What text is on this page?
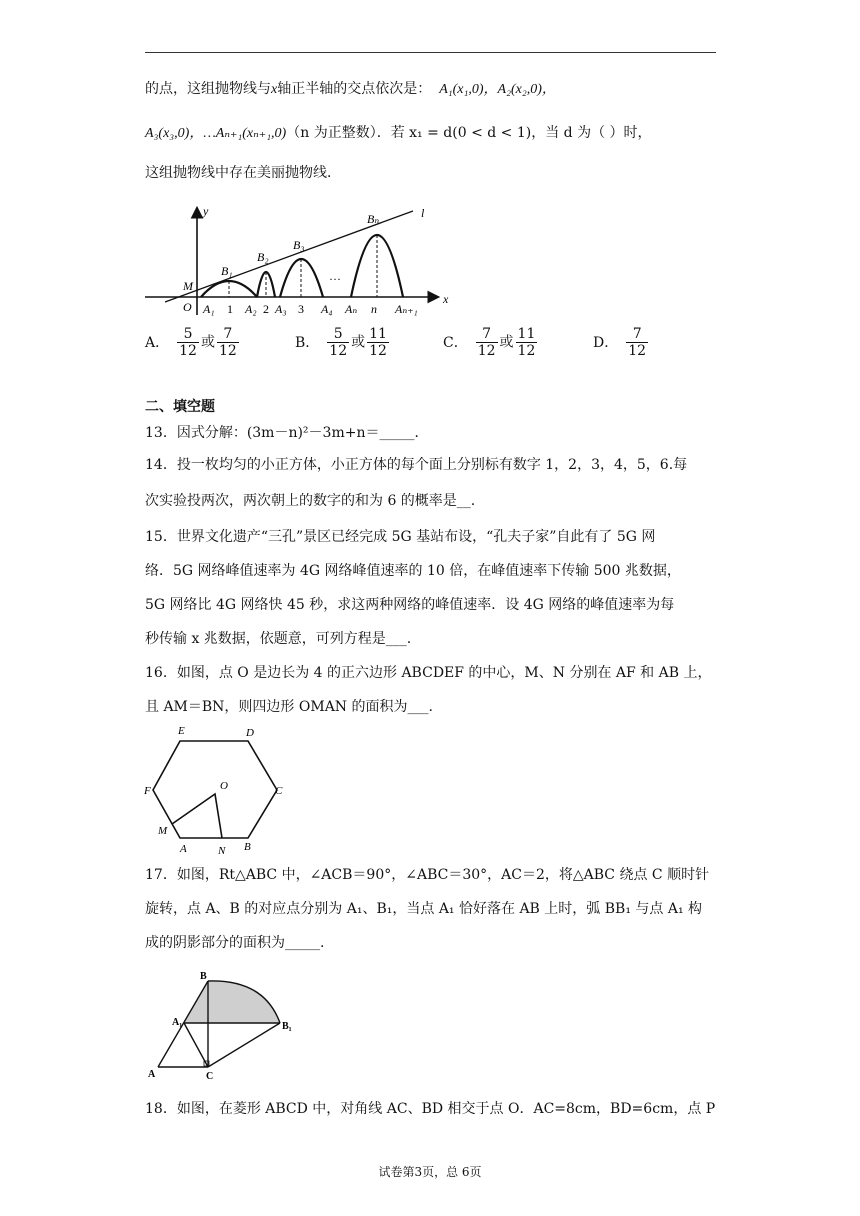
的点，这组抛物线与x轴正半轴的交点依次是： A₁(x₁,0)，A₂(x₂,0)，
A₃(x₃,0)，…Aₙ₊₁(xₙ₊₁,0)（n 为正整数）．若 x₁ = d(0 < d < 1)，当 d 为（ ）时，
这组抛物线中存在美丽抛物线．
y
x
l
M
O
B₁
B₂
B₃
Bₙ
A₁	A₂ A₃	A₄ Aₙ	Aₙ₊₁
n
1	2 3
···
A． $\frac{5}{12}$ 或 $\frac{7}{12}$	B． $\frac{5}{12}$ 或 $\frac{11}{12}$	C． $\frac{7}{12}$ 或 $\frac{11}{12}$	D． $\frac{7}{12}$
二、填空题
13．因式分解：(3m－n)²－3m+n＝_____．
14．投一枚均匀的小正方体，小正方体的每个面上分别标有数字 1，2，3，4，5，6.每
次实验投两次，两次朝上的数字的和为 6 的概率是__.
15．世界文化遗产“三孔”景区已经完成 5G 基站布设，“孔夫子家”自此有了 5G 网
络．5G 网络峰值速率为 4G 网络峰值速率的 10 倍，在峰值速率下传输 500 兆数据，
5G 网络比 4G 网络快 45 秒，求这两种网络的峰值速率．设 4G 网络的峰值速率为每
秒传输 x 兆数据，依题意，可列方程是___.
16．如图，点 O 是边长为 4 的正六边形 ABCDEF 的中心，M、N 分别在 AF 和 AB 上，
且 AM＝BN，则四边形 OMAN 的面积为___.
E	D
F	C
O
M
A	N B
17．如图，Rt△ABC 中，∠ACB＝90°，∠ABC＝30°，AC＝2，将△ABC 绕点 C 顺时针
旋转，点 A、B 的对应点分别为 A₁、B₁，当点 A₁ 恰好落在 AB 上时，弧 BB₁ 与点 A₁ 构
成的阴影部分的面积为_____.
B
A₁	B₁
A	C
18．如图，在菱形 ABCD 中，对角线 AC、BD 相交于点 O．AC=8cm，BD=6cm，点 P
试卷第3页，总 6页
